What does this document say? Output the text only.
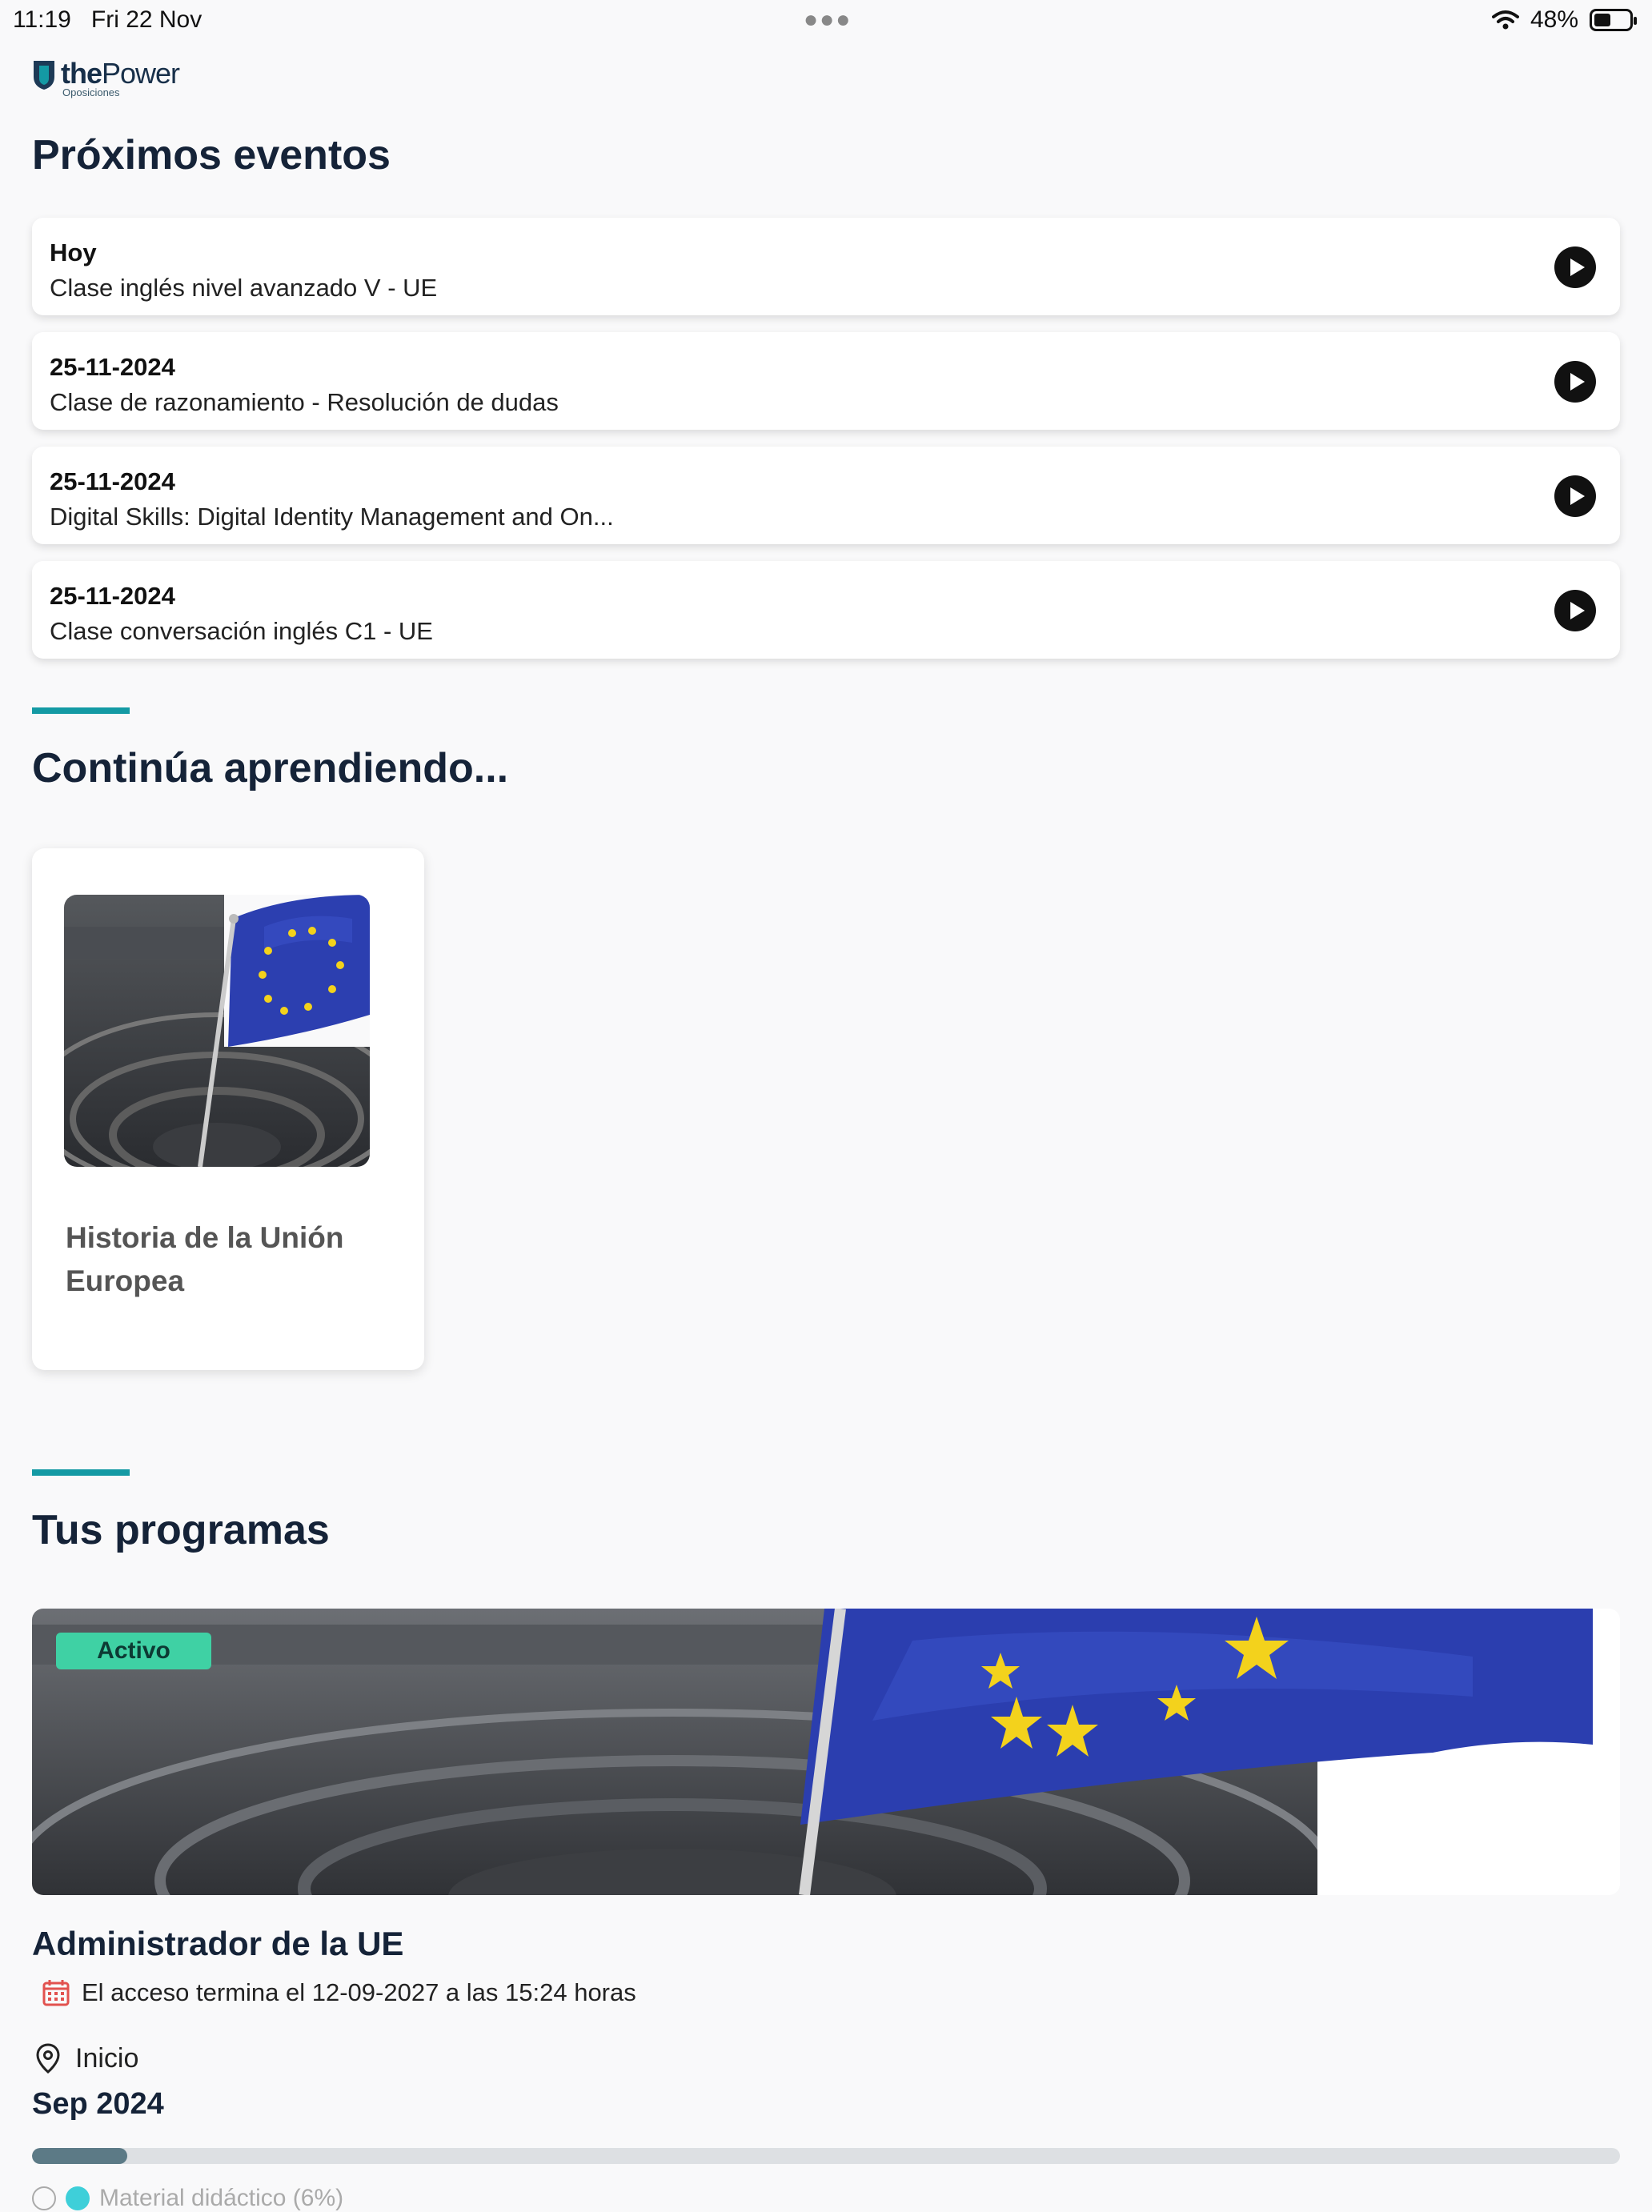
11:19 Fri 22 Nov	●●●	48%
thePower
Oposiciones
Próximos eventos
Hoy
Clase inglés nivel avanzado V - UE
25-11-2024
Clase de razonamiento - Resolución de dudas
25-11-2024
Digital Skills: Digital Identity Management and On...
25-11-2024
Clase conversación inglés C1 - UE
Continúa aprendiendo...
Historia de la Unión Europea
Tus programas
Activo
Administrador de la UE
El acceso termina el 12-09-2027 a las 15:24 horas
Inicio
Sep 2024
Material didáctico (6%)
